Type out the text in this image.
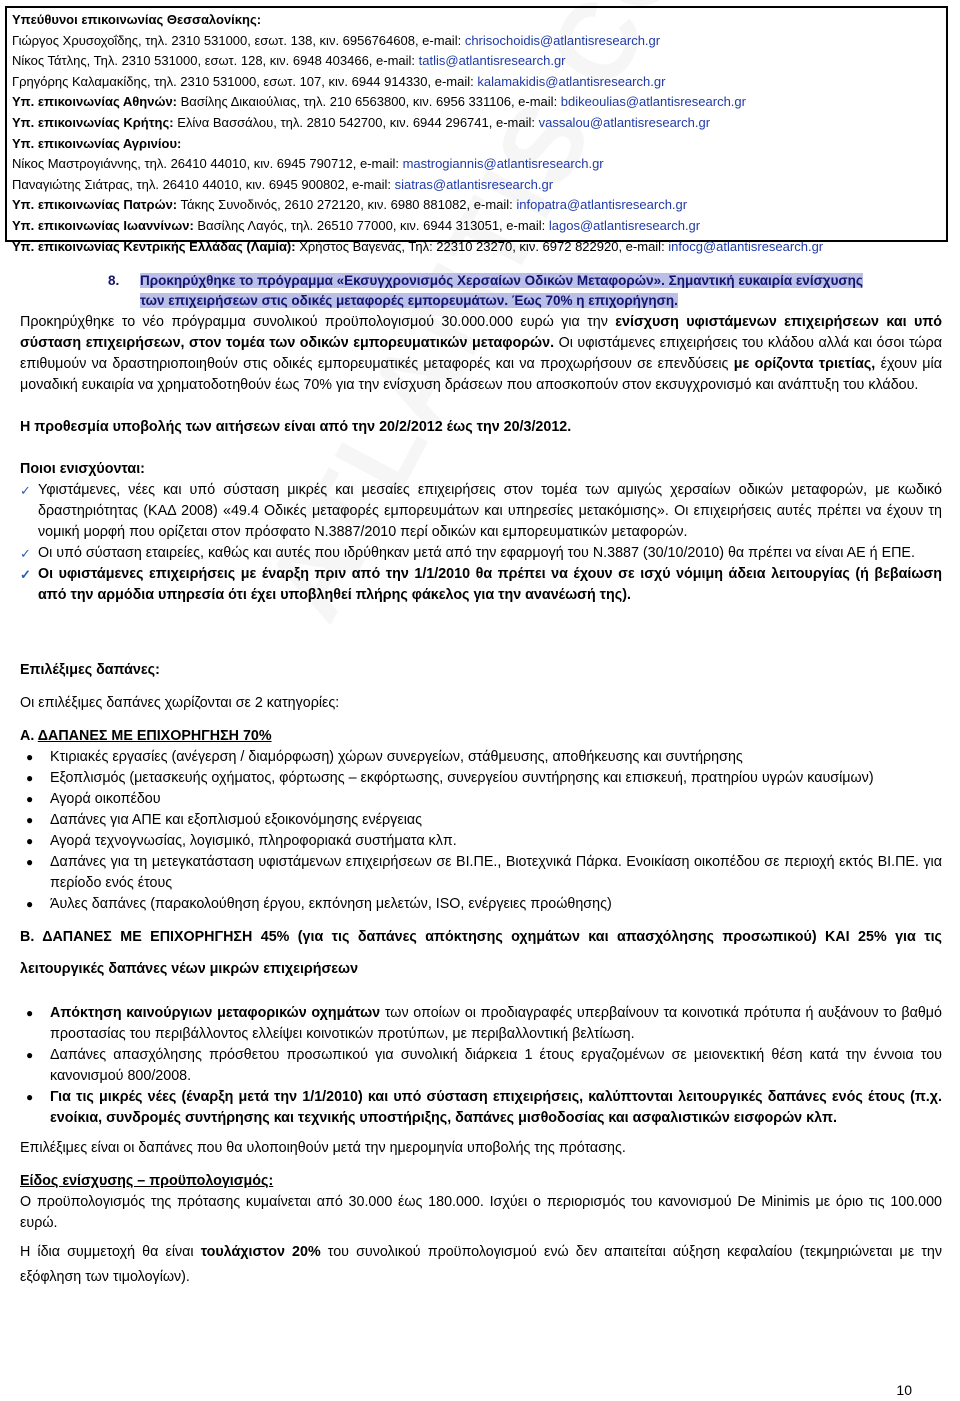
Υπεύθυνοι επικοινωνίας Θεσσαλονίκης:
Γιώργος Χρυσοχοΐδης, τηλ. 2310 531000, εσωτ. 138, κιν. 6956764608, e-mail: chrisochoidis@atlantisresearch.gr
Νίκος Τάτλης, Τηλ. 2310 531000, εσωτ. 128, κιν. 6948 403466, e-mail: tatlis@atlantisresearch.gr
Γρηγόρης Καλαμακίδης, τηλ. 2310 531000, εσωτ. 107, κιν. 6944 914330, e-mail: kalamakidis@atlantisresearch.gr
Υπ. επικοινωνίας Αθηνών: Βασίλης Δικαιούλιας, τηλ. 210 6563800, κιν. 6956 331106, e-mail: bdikeoulias@atlantisresearch.gr
Υπ. επικοινωνίας Κρήτης: Ελίνα Βασσάλου, τηλ. 2810 542700, κιν. 6944 296741, e-mail: vassalou@atlantisresearch.gr
Υπ. επικοινωνίας Αγρινίου:
Νίκος Μαστρογιάννης, τηλ. 26410 44010, κιν. 6945 790712, e-mail: mastrogiannis@atlantisresearch.gr
Παναγιώτης Σιάτρας, τηλ. 26410 44010, κιν. 6945 900802, e-mail: siatras@atlantisresearch.gr
Υπ. επικοινωνίας Πατρών: Τάκης Συνοδινός, 2610 272120, κιν. 6980 881082, e-mail: infopatra@atlantisresearch.gr
Υπ. επικοινωνίας Ιωαννίνων: Βασίλης Λαγός, τηλ. 26510 77000, κιν. 6944 313051, e-mail: lagos@atlantisresearch.gr
Υπ. επικοινωνίας Κεντρικής Ελλάδας (Λαμία): Χρήστος Βαγενάς, Τηλ: 22310 23270, κιν. 6972 822920, e-mail: infocg@atlantisresearch.gr
8. Προκηρύχθηκε το πρόγραμμα «Εκσυγχρονισμός Χερσαίων Οδικών Μεταφορών». Σημαντική ευκαιρία ενίσχυσης
των επιχειρήσεων στις οδικές μεταφορές εμπορευμάτων. Έως 70% η επιχορήγηση.

Προκηρύχθηκε το νέο πρόγραμμα συνολικού προϋπολογισμού 30.000.000 ευρώ για την ενίσχυση υφιστάμενων επιχειρήσεων και υπό σύσταση επιχειρήσεων, στον τομέα των οδικών εμπορευματικών μεταφορών. Οι υφιστάμενες επιχειρήσεις του κλάδου αλλά και όσοι τώρα επιθυμούν να δραστηριοποιηθούν στις οδικές εμπορευματικές μεταφορές και να προχωρήσουν σε επενδύσεις με ορίζοντα τριετίας, έχουν μία μοναδική ευκαιρία να χρηματοδοτηθούν έως 70% για την ενίσχυση δράσεων που αποσκοπούν στον εκσυγχρονισμό και ανάπτυξη του κλάδου.

Η προθεσμία υποβολής των αιτήσεων είναι από την 20/2/2012 έως την 20/3/2012.

Ποιοι ενισχύονται:

✓ Υφιστάμενες, νέες και υπό σύσταση μικρές και μεσαίες επιχειρήσεις στον τομέα των αμιγώς χερσαίων οδικών μεταφορών, με κωδικό δραστηριότητας (ΚΑΔ 2008) «49.4 Οδικές μεταφορές εμπορευμάτων και υπηρεσίες μετακόμισης». Οι επιχειρήσεις αυτές πρέπει να έχουν τη νομική μορφή που ορίζεται στον πρόσφατο Ν.3887/2010 περί οδικών και εμπορευματικών μεταφορών.
✓ Οι υπό σύσταση εταιρείες, καθώς και αυτές που ιδρύθηκαν μετά από την εφαρμογή του Ν.3887 (30/10/2010) θα πρέπει να είναι ΑΕ ή ΕΠΕ.
✓ Οι υφιστάμενες επιχειρήσεις με έναρξη πριν από την 1/1/2010 θα πρέπει να έχουν σε ισχύ νόμιμη άδεια λειτουργίας (ή βεβαίωση από την αρμόδια υπηρεσία ότι έχει υποβληθεί πλήρης φάκελος για την ανανέωσή της).

Επιλέξιμες δαπάνες:

Οι επιλέξιμες δαπάνες χωρίζονται σε 2 κατηγορίες:

Α. ΔΑΠΑΝΕΣ ΜΕ ΕΠΙΧΟΡΗΓΗΣΗ 70%

● Κτιριακές εργασίες (ανέγερση / διαμόρφωση) χώρων συνεργείων, στάθμευσης, αποθήκευσης και συντήρησης
● Εξοπλισμός (μετασκευής οχήματος, φόρτωσης – εκφόρτωσης, συνεργείου συντήρησης και επισκευή, πρατηρίου υγρών καυσίμων)
● Αγορά οικοπέδου
● Δαπάνες για ΑΠΕ και εξοπλισμού εξοικονόμησης ενέργειας
● Αγορά τεχνογνωσίας, λογισμικό, πληροφοριακά συστήματα κλπ.
● Δαπάνες για τη μετεγκατάσταση υφιστάμενων επιχειρήσεων σε ΒΙ.ΠΕ., Βιοτεχνικά Πάρκα. Ενοικίαση οικοπέδου σε περιοχή εκτός ΒΙ.ΠΕ. για περίοδο ενός έτους
● Άυλες δαπάνες (παρακολούθηση έργου, εκπόνηση μελετών, ISO, ενέργειες προώθησης)

Β. ΔΑΠΑΝΕΣ ΜΕ ΕΠΙΧΟΡΗΓΗΣΗ 45% (για τις δαπάνες απόκτησης οχημάτων και απασχόλησης προσωπικού) ΚΑΙ 25% για τις λειτουργικές δαπάνες νέων μικρών επιχειρήσεων

● Απόκτηση καινούργιων μεταφορικών οχημάτων των οποίων οι προδιαγραφές υπερβαίνουν τα κοινοτικά πρότυπα ή αυξάνουν το βαθμό προστασίας του περιβάλλοντος ελλείψει κοινοτικών προτύπων, με περιβαλλοντική βελτίωση.
● Δαπάνες απασχόλησης πρόσθετου προσωπικού για συνολική διάρκεια 1 έτους εργαζομένων σε μειονεκτική θέση κατά την έννοια του κανονισμού 800/2008.
● Για τις μικρές νέες (έναρξη μετά την 1/1/2010) και υπό σύσταση επιχειρήσεις, καλύπτονται λειτουργικές δαπάνες ενός έτους (π.χ. ενοίκια, συνδρομές συντήρησης και τεχνικής υποστήριξης, δαπάνες μισθοδοσίας και ασφαλιστικών εισφορών κλπ.

Επιλέξιμες είναι οι δαπάνες που θα υλοποιηθούν μετά την ημερομηνία υποβολής της πρότασης.

Είδος ενίσχυσης – προϋπολογισμός:

Ο προϋπολογισμός της πρότασης κυμαίνεται από 30.000 έως 180.000. Ισχύει ο περιορισμός του κανονισμού De Minimis με όριο τις 100.000 ευρώ.

Η ίδια συμμετοχή θα είναι τουλάχιστον 20% του συνολικού προϋπολογισμού ενώ δεν απαιτείται αύξηση κεφαλαίου (τεκμηριώνεται με την εξόφληση των τιμολογίων).

10
